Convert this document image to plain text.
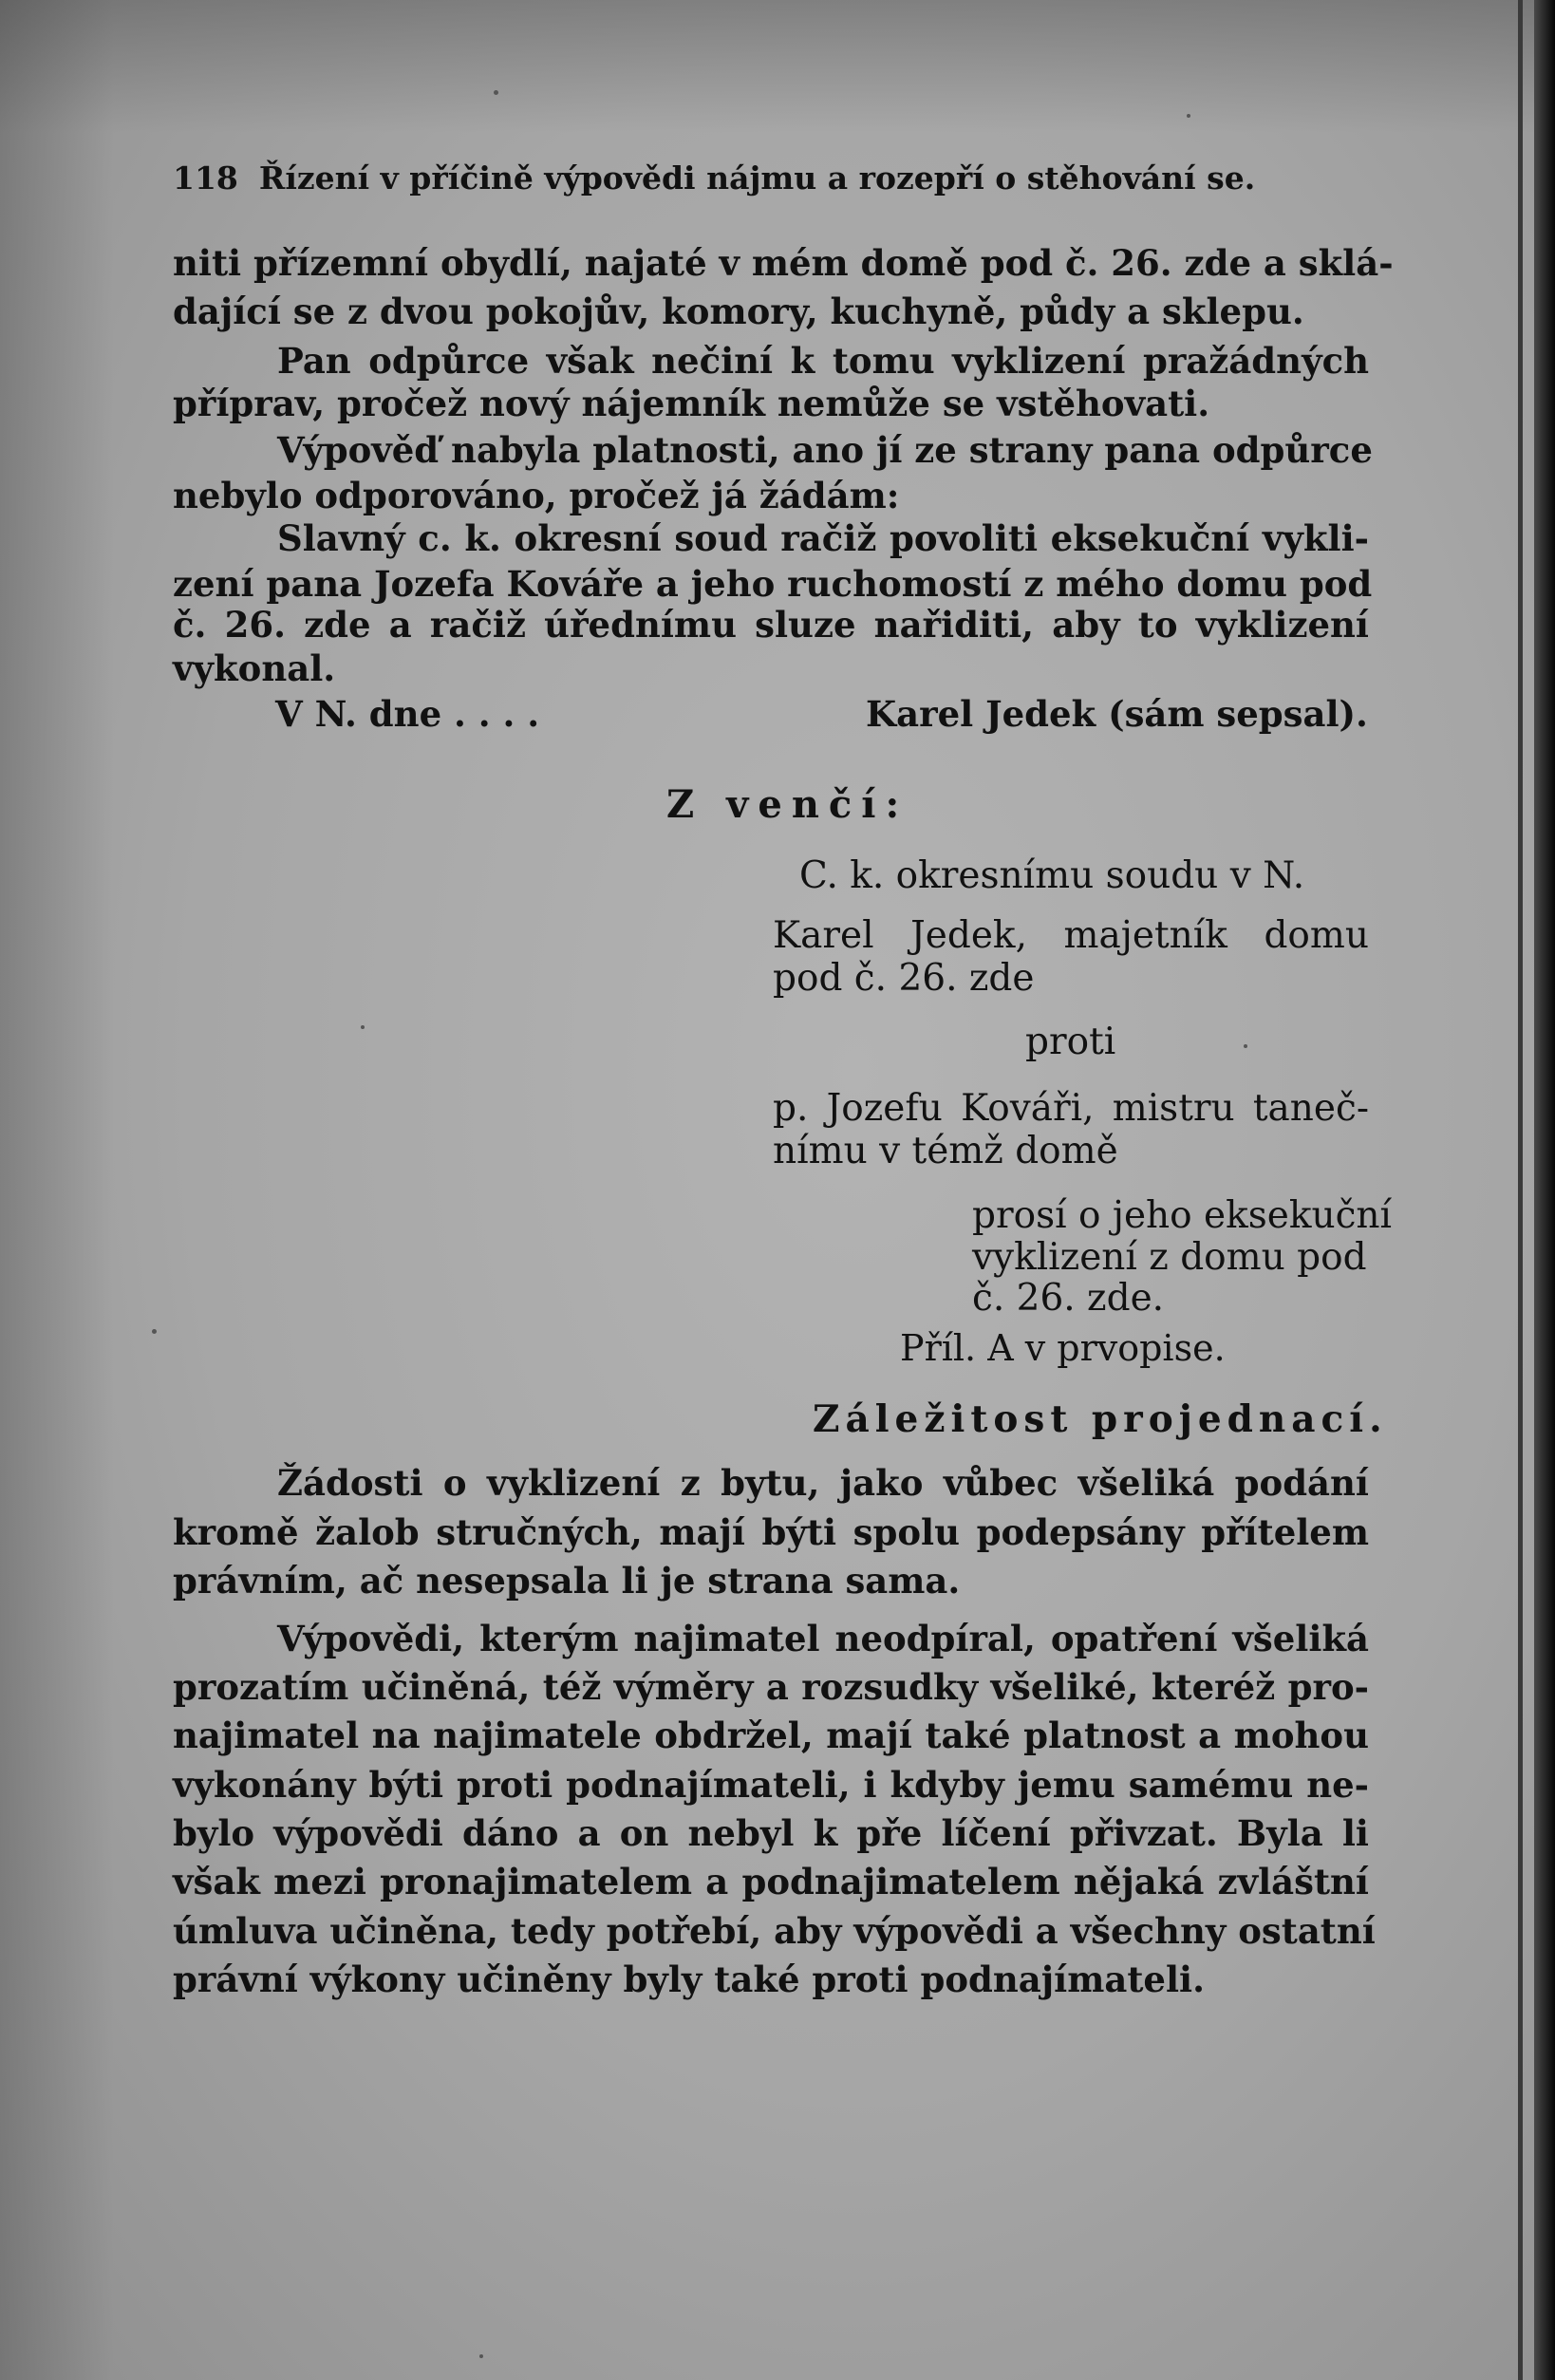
118 Řízení v příčině výpovědi nájmu a rozepří o stěhování se.
niti přízemní obydlí, najaté v mém domě pod č. 26. zde a sklá-
dající se z dvou pokojův, komory, kuchyně, půdy a sklepu.
Pan odpůrce však nečiní k tomu vyklizení pražádných
příprav, pročež nový nájemník nemůže se vstěhovati.
Výpověď nabyla platnosti, ano jí ze strany pana odpůrce
nebylo odporováno, pročež já žádám:
Slavný c. k. okresní soud račiž povoliti eksekuční vykli-
zení pana Jozefa Kováře a jeho ruchomostí z mého domu pod
č. 26. zde a račiž úřednímu sluze nařiditi, aby to vyklizení
vykonal.
V N. dne . . . .	Karel Jedek (sám sepsal).
Z venčí:
C. k. okresnímu soudu v N.
Karel Jedek, majetník domu
pod č. 26. zde
proti
p. Jozefu Kováři, mistru taneč-
nímu v témž domě
prosí o jeho eksekuční
vyklizení z domu pod
č. 26. zde.
Příl. A v prvopise.
Záležitost projednací.
Žádosti o vyklizení z bytu, jako vůbec všeliká podání
kromě žalob stručných, mají býti spolu podepsány přítelem
právním, ač nesepsala li je strana sama.
Výpovědi, kterým najimatel neodpíral, opatření všeliká
prozatím učiněná, též výměry a rozsudky všeliké, kteréž pro-
najimatel na najimatele obdržel, mají také platnost a mohou
vykonány býti proti podnajímateli, i kdyby jemu samému ne-
bylo výpovědi dáno a on nebyl k pře líčení přivzat. Byla li
však mezi pronajimatelem a podnajimatelem nějaká zvláštní
úmluva učiněna, tedy potřebí, aby výpovědi a všechny ostatní
právní výkony učiněny byly také proti podnajímateli.
